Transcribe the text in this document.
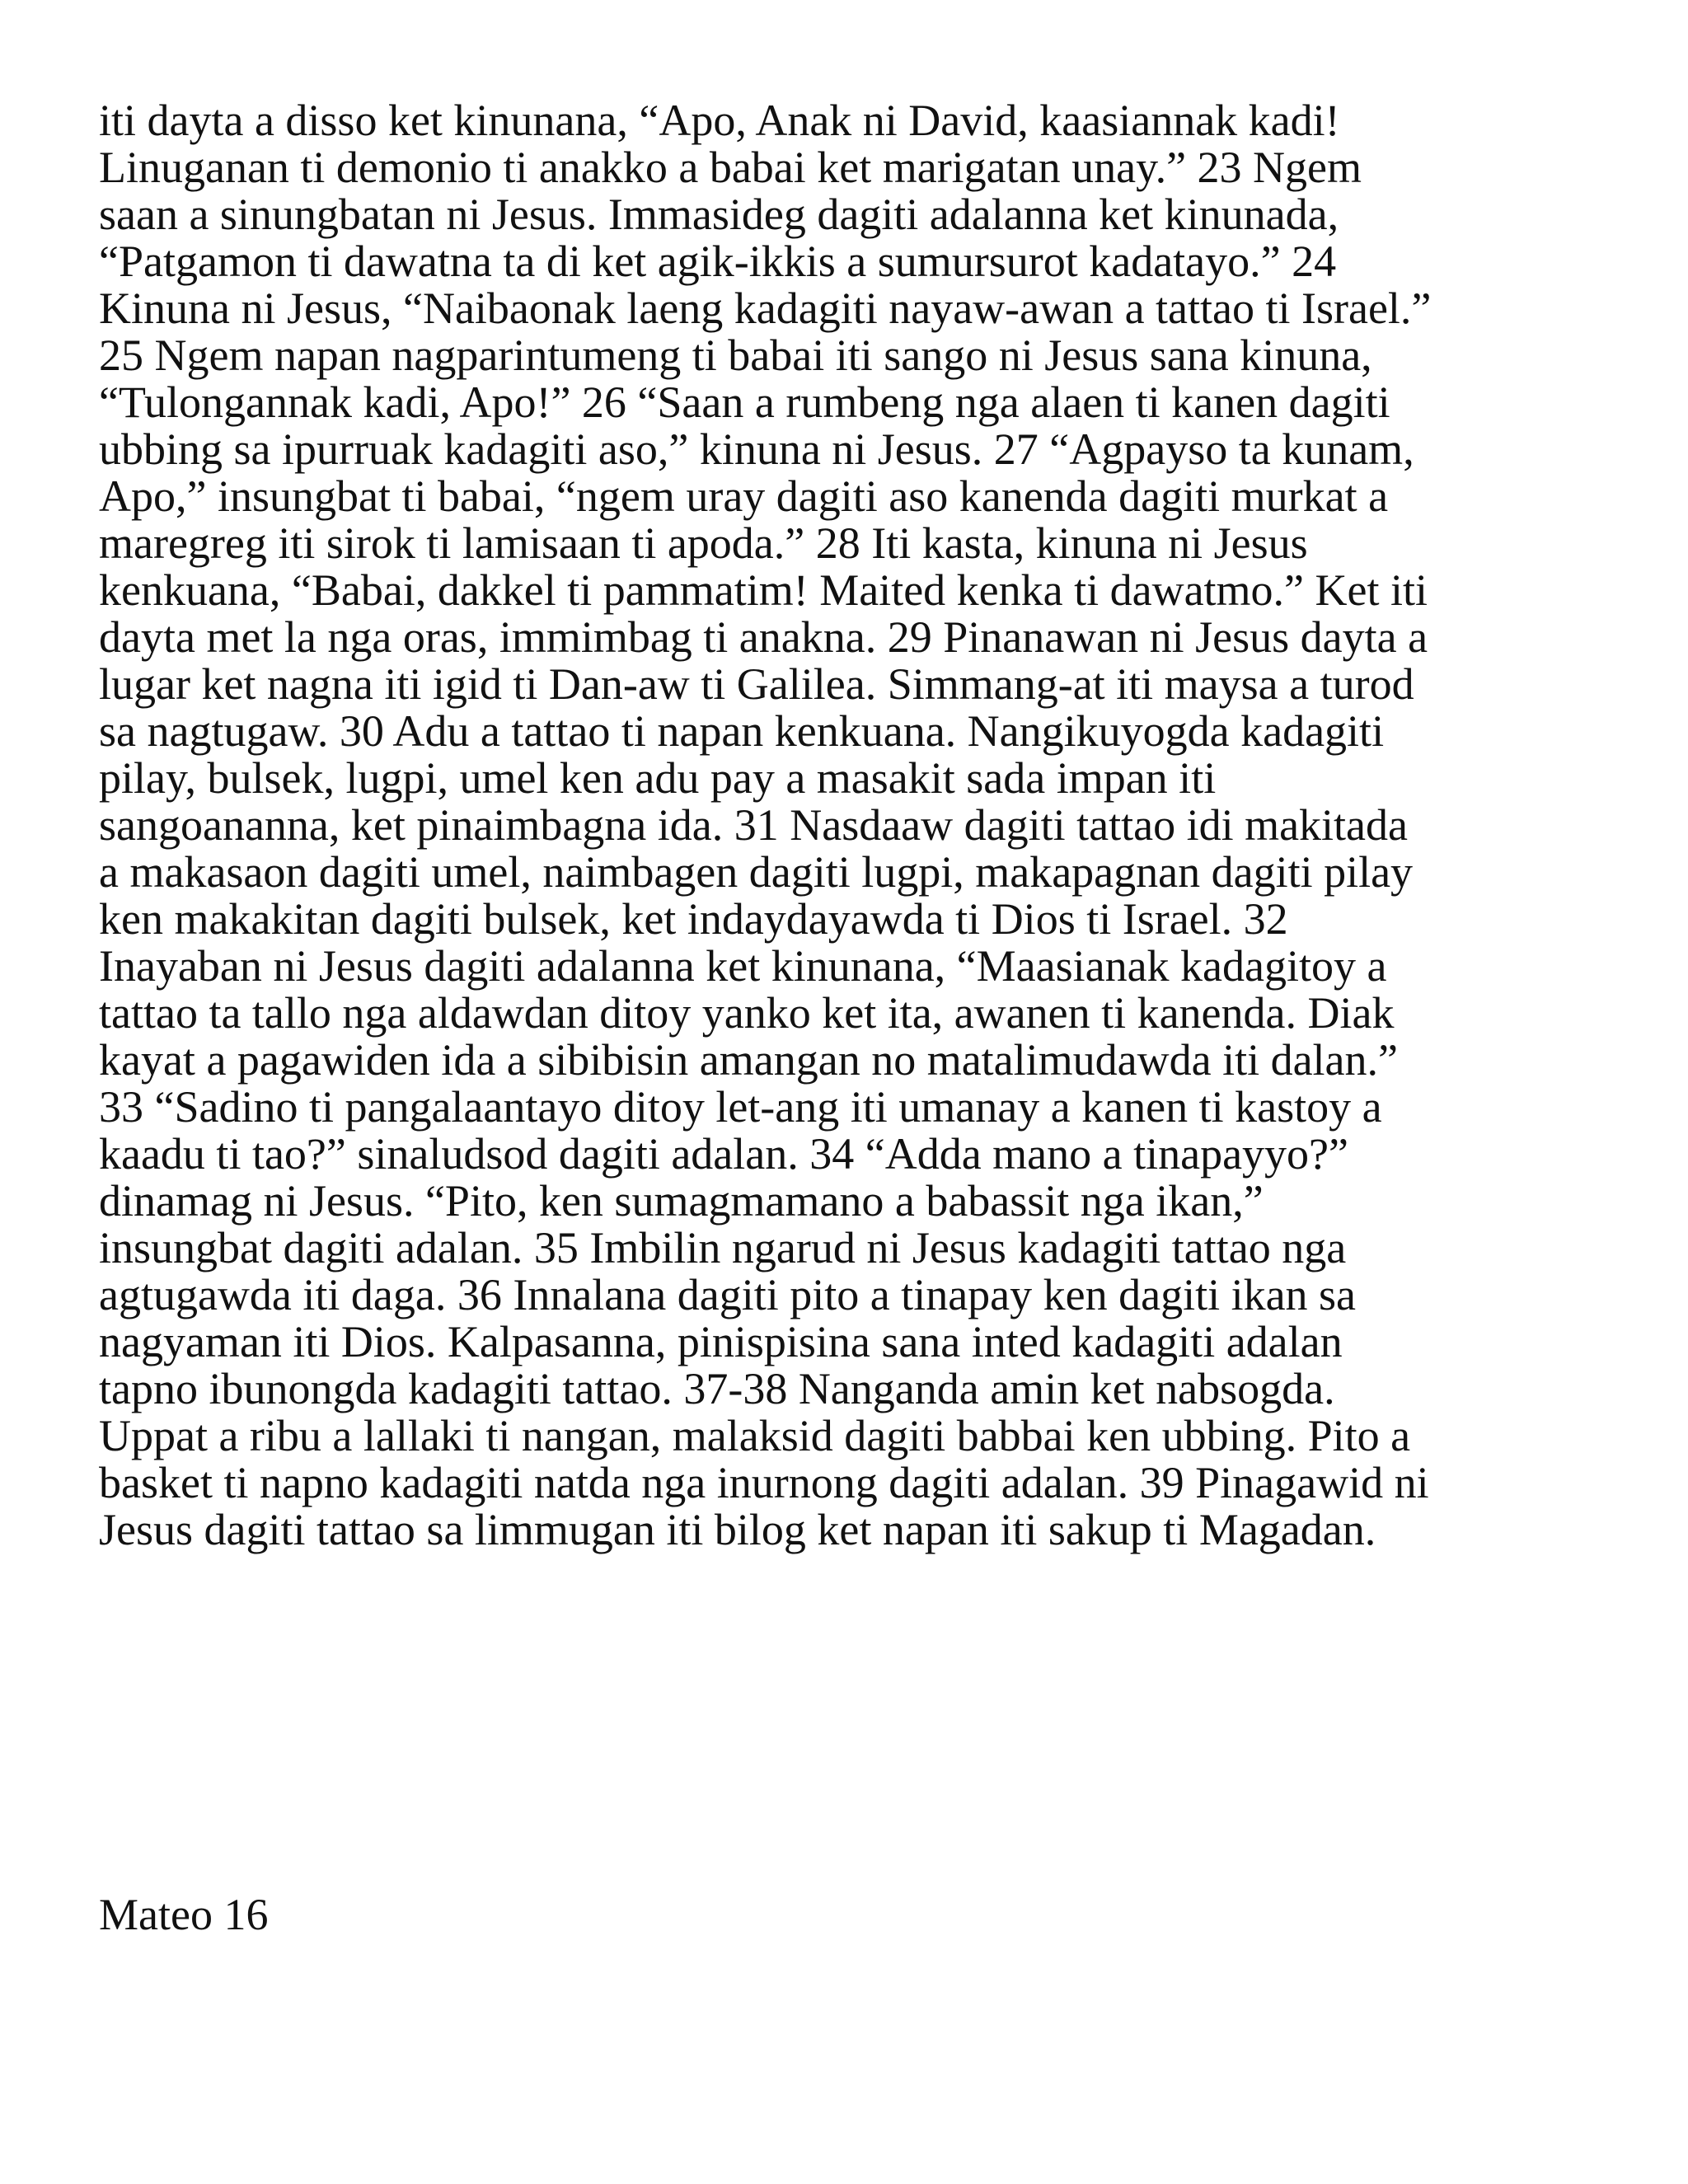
iti dayta a disso ket kinunana, “Apo, Anak ni David, kaasiannak kadi!
Linuganan ti demonio ti anakko a babai ket marigatan unay.” 23 Ngem
saan a sinungbatan ni Jesus. Immasideg dagiti adalanna ket kinunada,
“Patgamon ti dawatna ta di ket agik-ikkis a sumursurot kadatayo.” 24
Kinuna ni Jesus, “Naibaonak laeng kadagiti nayaw-awan a tattao ti Israel.”
25 Ngem napan nagparintumeng ti babai iti sango ni Jesus sana kinuna,
“Tulongannak kadi, Apo!” 26 “Saan a rumbeng nga alaen ti kanen dagiti
ubbing sa ipurruak kadagiti aso,” kinuna ni Jesus. 27 “Agpayso ta kunam,
Apo,” insungbat ti babai, “ngem uray dagiti aso kanenda dagiti murkat a
maregreg iti sirok ti lamisaan ti apoda.” 28 Iti kasta, kinuna ni Jesus
kenkuana, “Babai, dakkel ti pammatim! Maited kenka ti dawatmo.” Ket iti
dayta met la nga oras, immimbag ti anakna. 29 Pinanawan ni Jesus dayta a
lugar ket nagna iti igid ti Dan-aw ti Galilea. Simmang-at iti maysa a turod
sa nagtugaw. 30 Adu a tattao ti napan kenkuana. Nangikuyogda kadagiti
pilay, bulsek, lugpi, umel ken adu pay a masakit sada impan iti
sangoananna, ket pinaimbagna ida. 31 Nasdaaw dagiti tattao idi makitada
a makasaon dagiti umel, naimbagen dagiti lugpi, makapagnan dagiti pilay
ken makakitan dagiti bulsek, ket indaydayawda ti Dios ti Israel. 32
Inayaban ni Jesus dagiti adalanna ket kinunana, “Maasianak kadagitoy a
tattao ta tallo nga aldawdan ditoy yanko ket ita, awanen ti kanenda. Diak
kayat a pagawiden ida a sibibisin amangan no matalimudawda iti dalan.”
33 “Sadino ti pangalaantayo ditoy let-ang iti umanay a kanen ti kastoy a
kaadu ti tao?” sinaludsod dagiti adalan. 34 “Adda mano a tinapayyo?”
dinamag ni Jesus. “Pito, ken sumagmamano a babassit nga ikan,”
insungbat dagiti adalan. 35 Imbilin ngarud ni Jesus kadagiti tattao nga
agtugawda iti daga. 36 Innalana dagiti pito a tinapay ken dagiti ikan sa
nagyaman iti Dios. Kalpasanna, pinispisina sana inted kadagiti adalan
tapno ibunongda kadagiti tattao. 37-38 Nanganda amin ket nabsogda.
Uppat a ribu a lallaki ti nangan, malaksid dagiti babbai ken ubbing. Pito a
basket ti napno kadagiti natda nga inurnong dagiti adalan. 39 Pinagawid ni
Jesus dagiti tattao sa limmugan iti bilog ket napan iti sakup ti Magadan.
Mateo 16
